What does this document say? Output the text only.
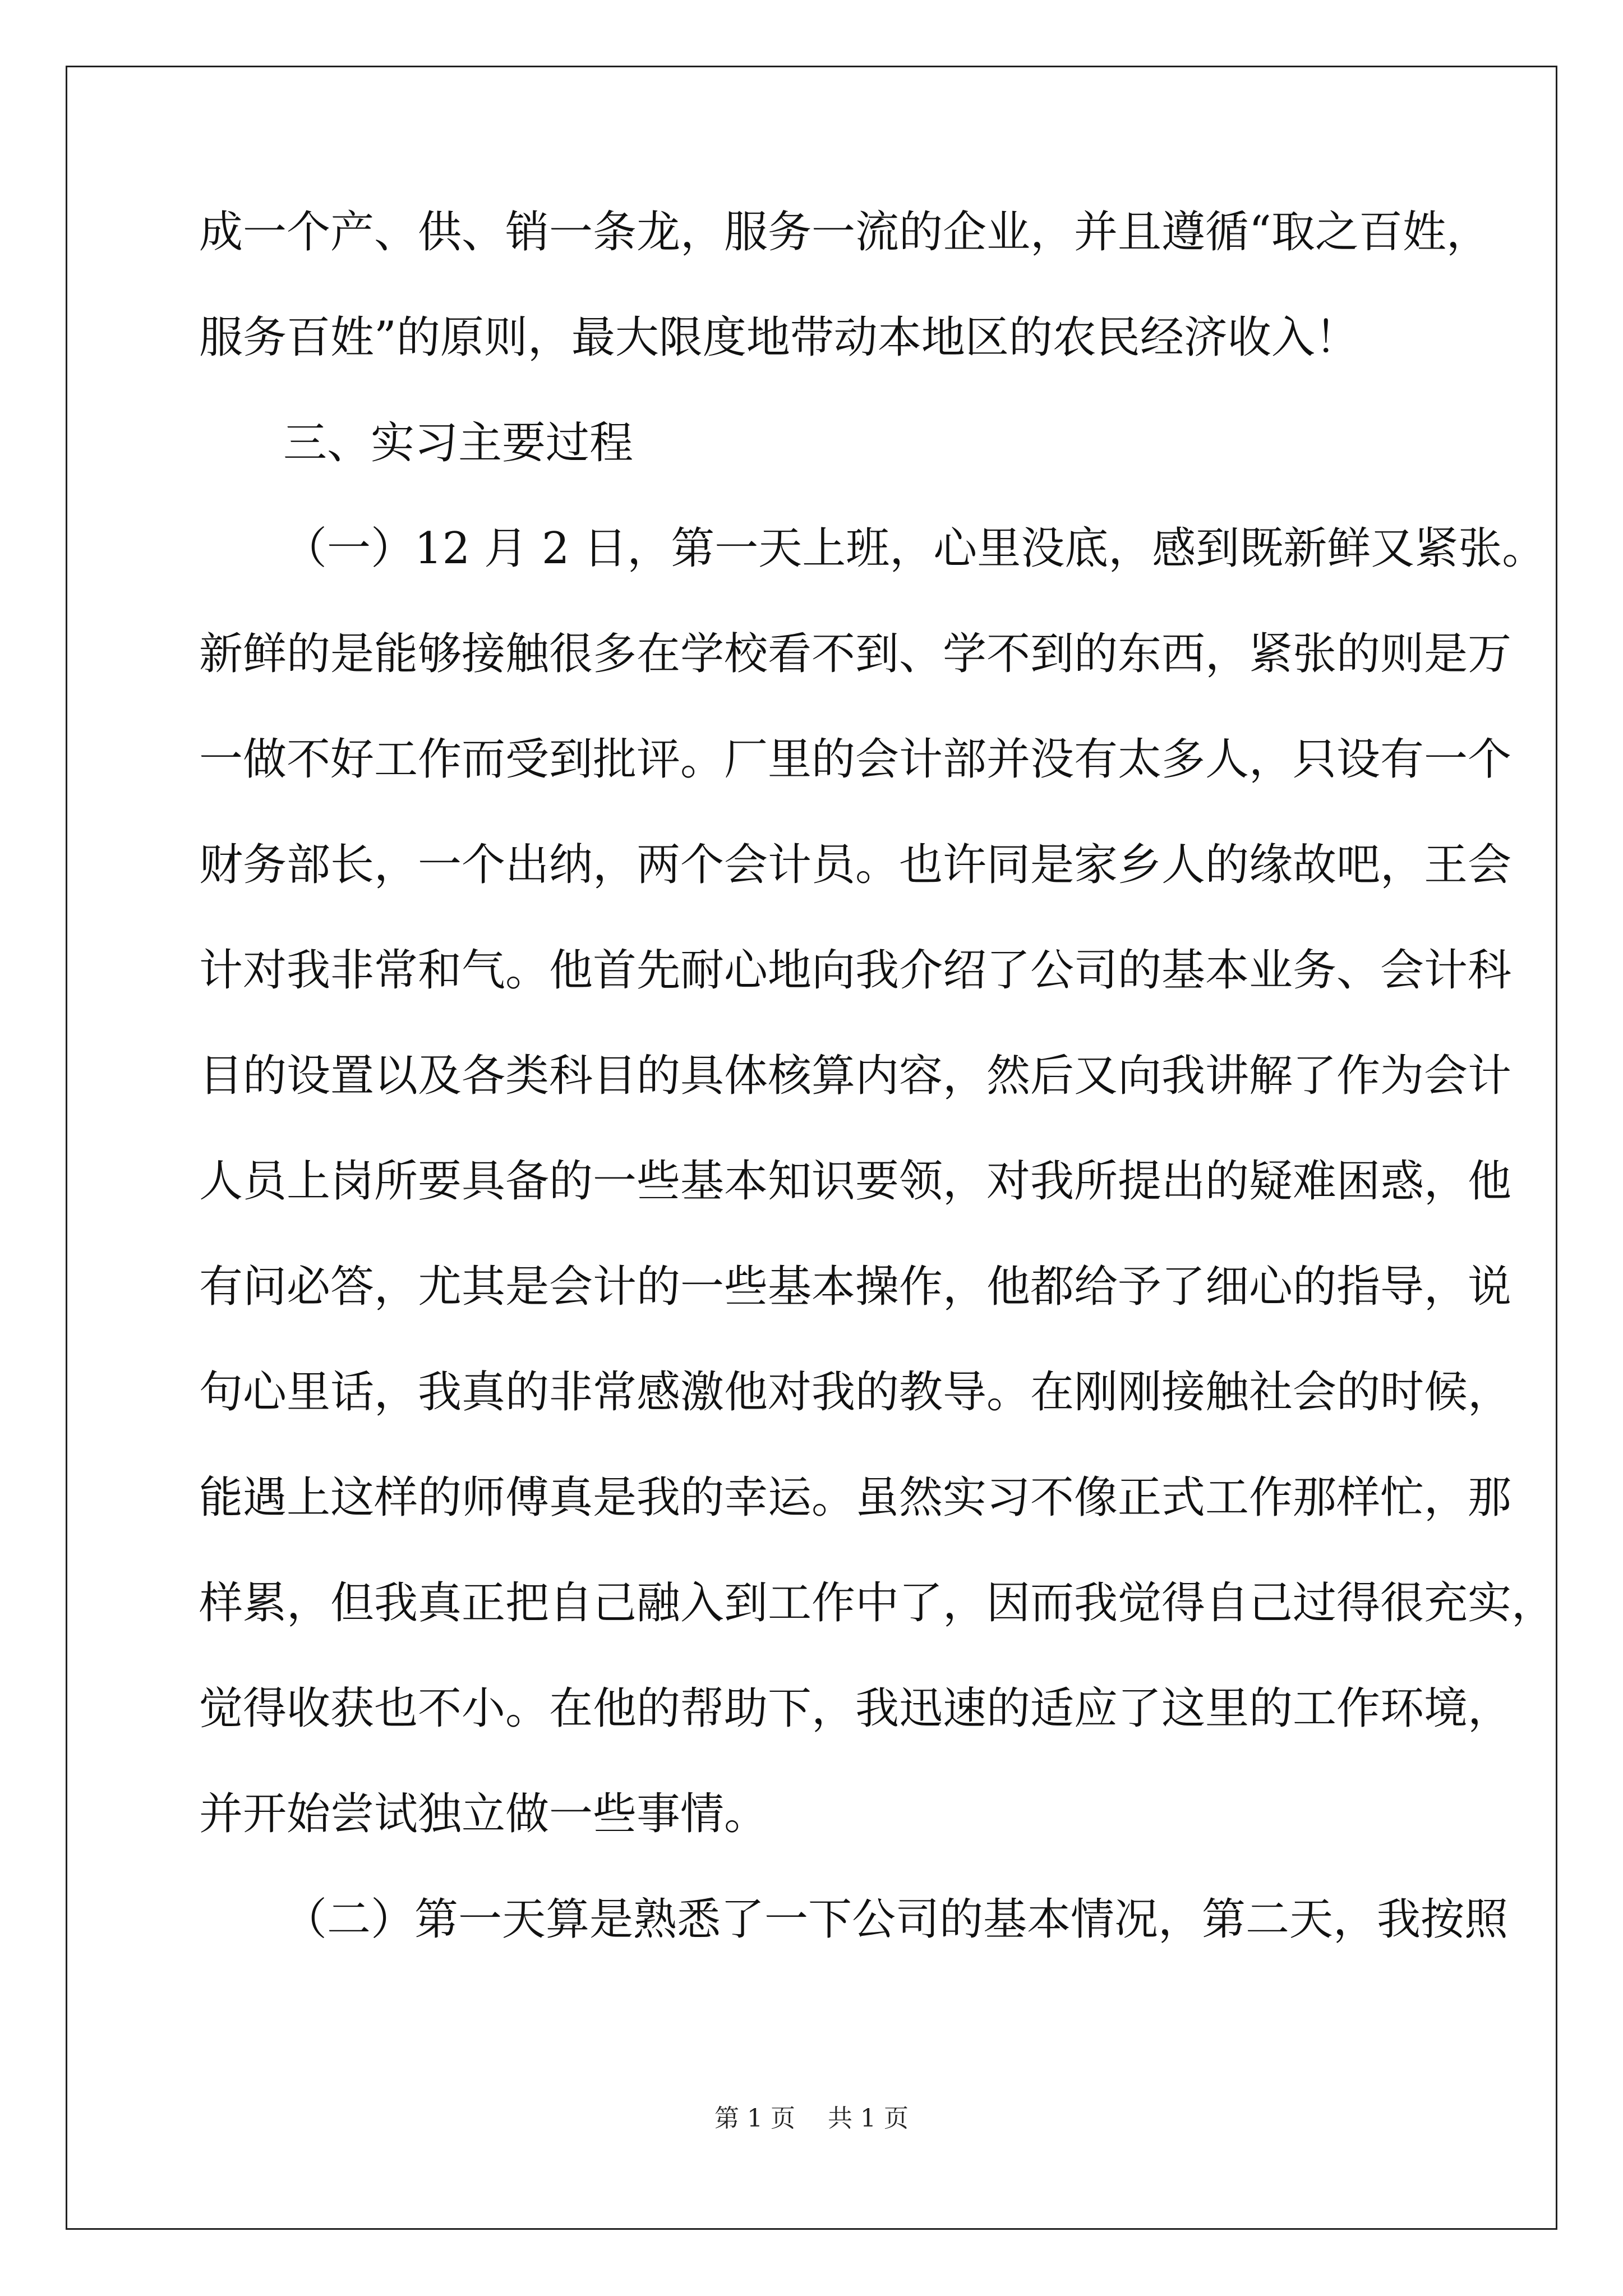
成一个产、供、销一条龙，服务一流的企业，并且遵循“取之百姓，
服务百姓”的原则，最大限度地带动本地区的农民经济收入！
三、实习主要过程
（一）12 月 2 日，第一天上班，心里没底，感到既新鲜又紧张。
新鲜的是能够接触很多在学校看不到、学不到的东西，紧张的则是万
一做不好工作而受到批评。厂里的会计部并没有太多人，只设有一个
财务部长，一个出纳，两个会计员。也许同是家乡人的缘故吧，王会
计对我非常和气。他首先耐心地向我介绍了公司的基本业务、会计科
目的设置以及各类科目的具体核算内容，然后又向我讲解了作为会计
人员上岗所要具备的一些基本知识要领，对我所提出的疑难困惑，他
有问必答，尤其是会计的一些基本操作，他都给予了细心的指导，说
句心里话，我真的非常感激他对我的教导。在刚刚接触社会的时候，
能遇上这样的师傅真是我的幸运。虽然实习不像正式工作那样忙，那
样累，但我真正把自己融入到工作中了，因而我觉得自己过得很充实，
觉得收获也不小。在他的帮助下，我迅速的适应了这里的工作环境，
并开始尝试独立做一些事情。
（二）第一天算是熟悉了一下公司的基本情况，第二天，我按照
第 1 页 共 1 页
